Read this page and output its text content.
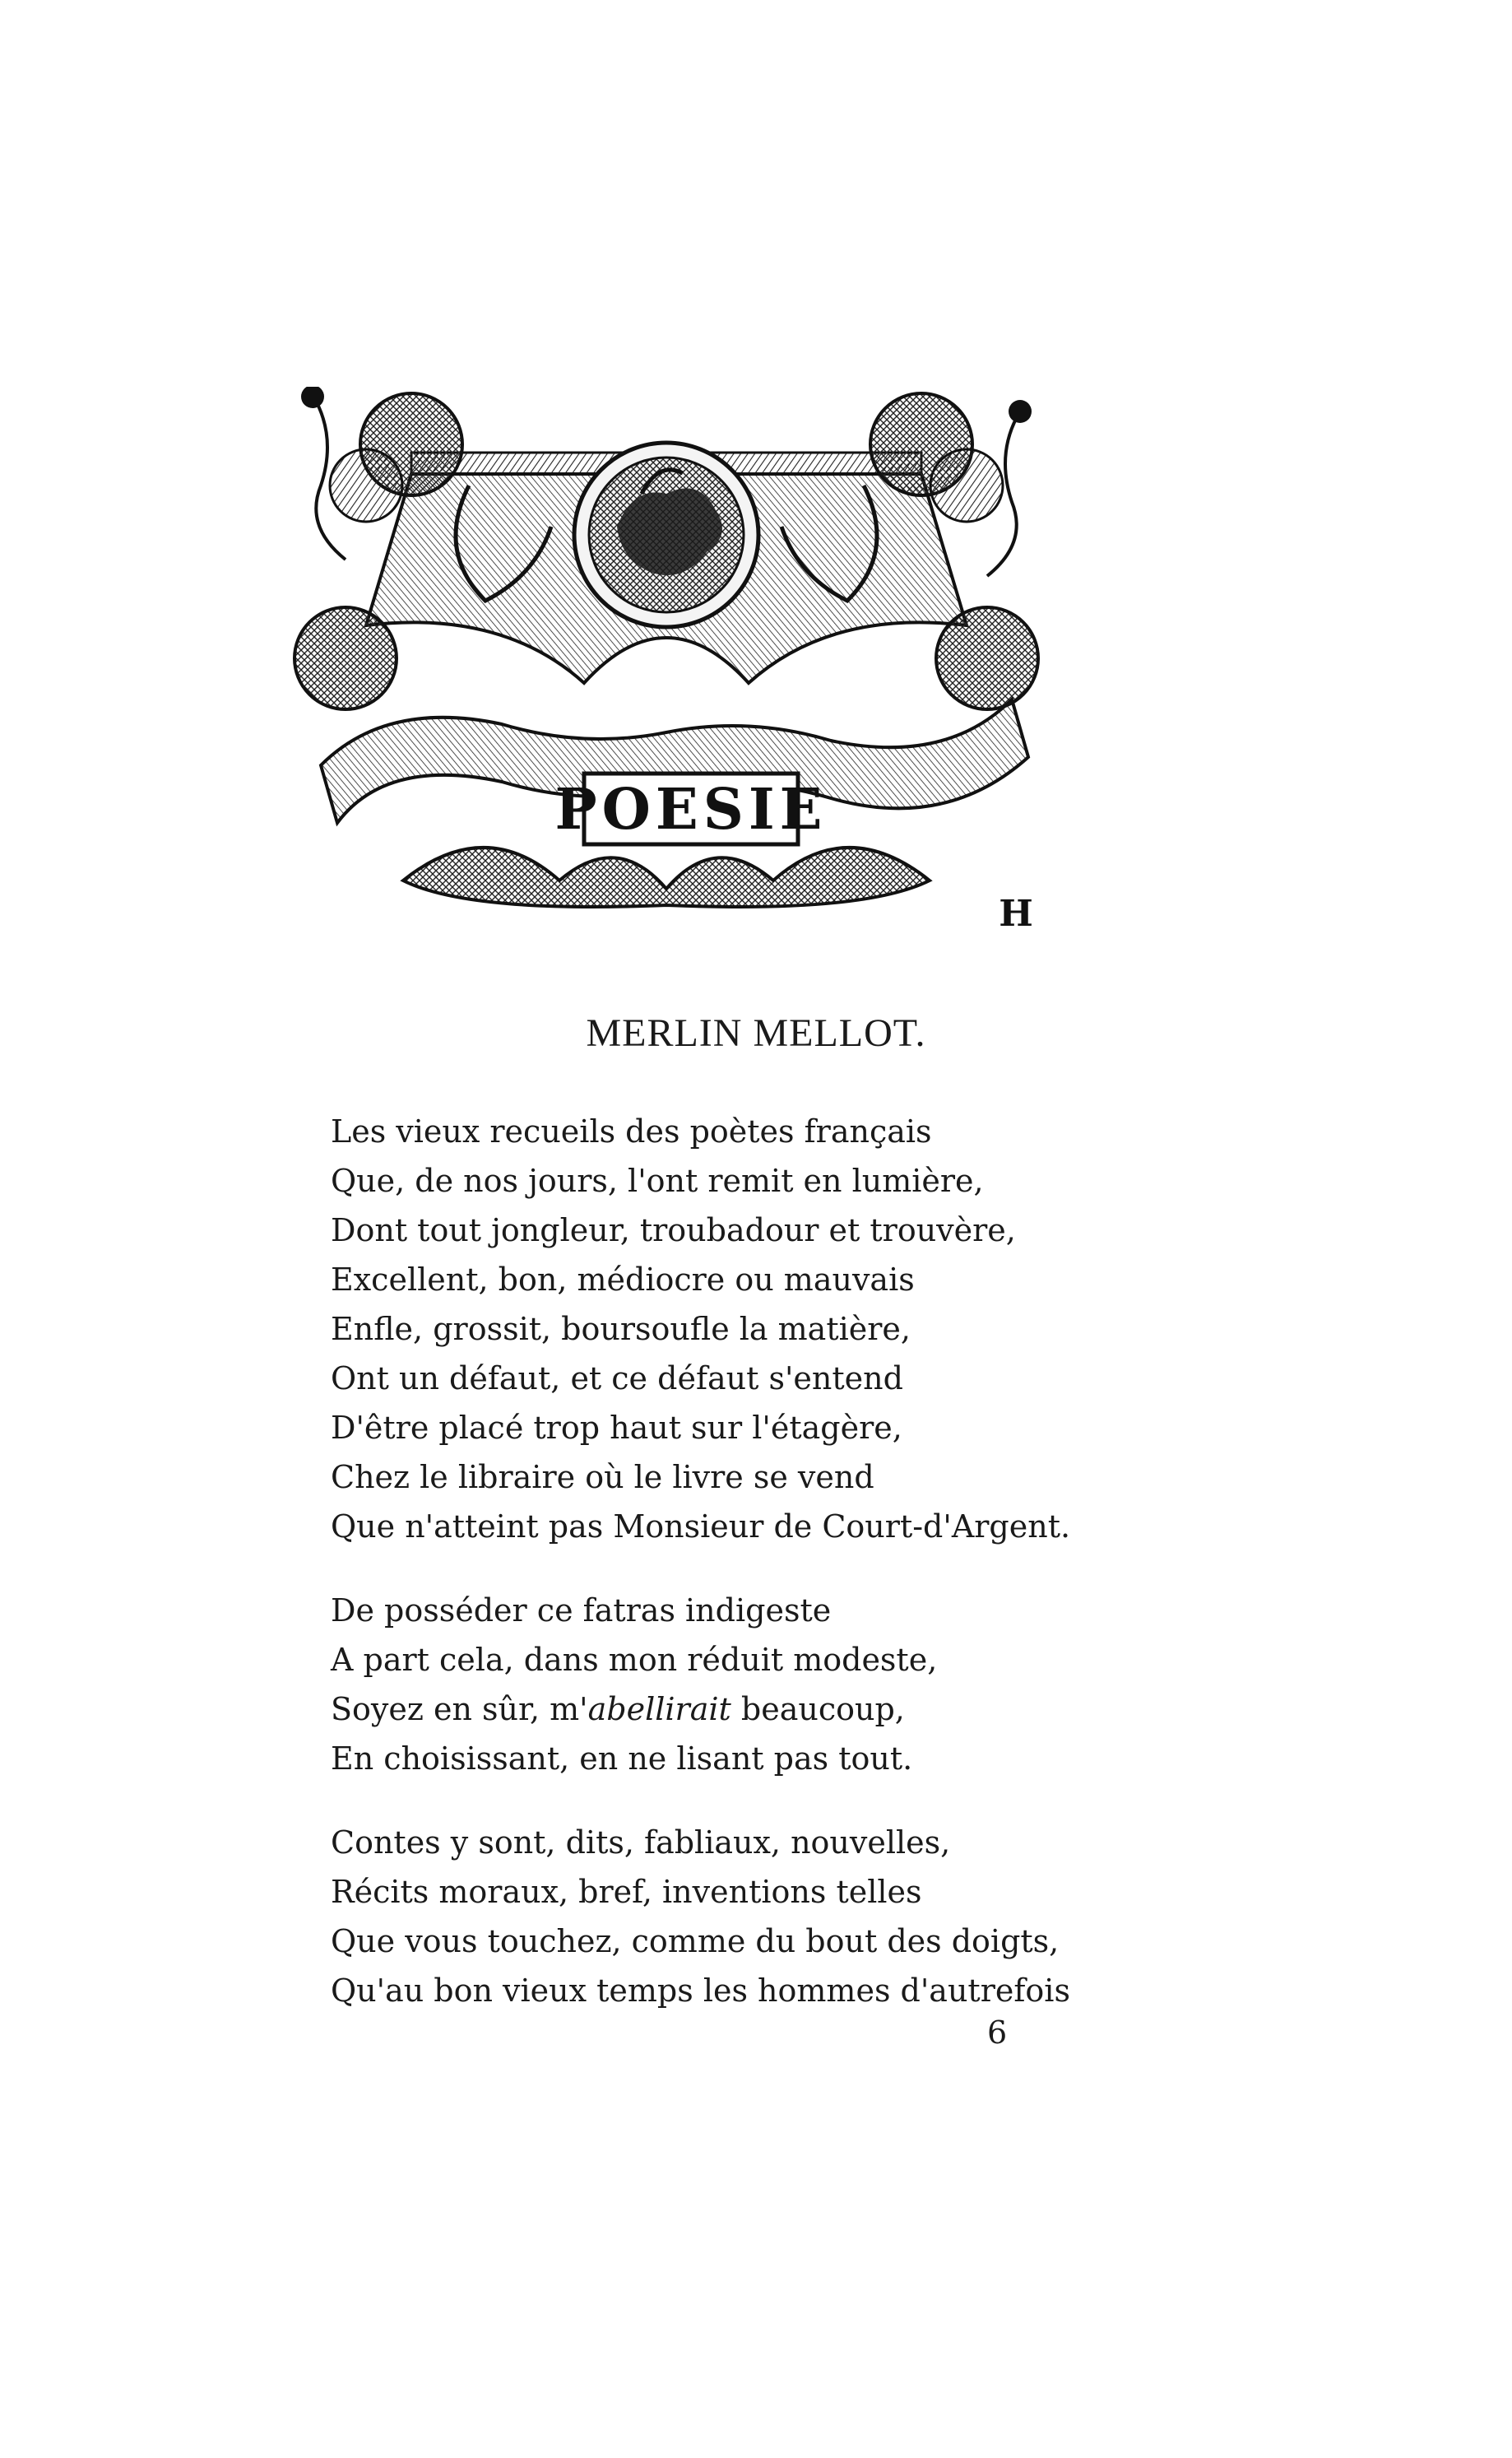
POESIE
H
MERLIN MELLOT.

Les vieux recueils des poètes français
Que, de nos jours, l'ont remit en lumière,
Dont tout jongleur, troubadour et trouvère,
Excellent, bon, médiocre ou mauvais
Enfle, grossit, boursoufle la matière,
Ont un défaut, et ce défaut s'entend
D'être placé trop haut sur l'étagère,
Chez le libraire où le livre se vend
Que n'atteint pas Monsieur de Court-d'Argent.

De posséder ce fatras indigeste
A part cela, dans mon réduit modeste,
Soyez en sûr, m'abellirait beaucoup,
En choisissant, en ne lisant pas tout.

Contes y sont, dits, fabliaux, nouvelles,
Récits moraux, bref, inventions telles
Que vous touchez, comme du bout des doigts,
Qu'au bon vieux temps les hommes d'autrefois

6
